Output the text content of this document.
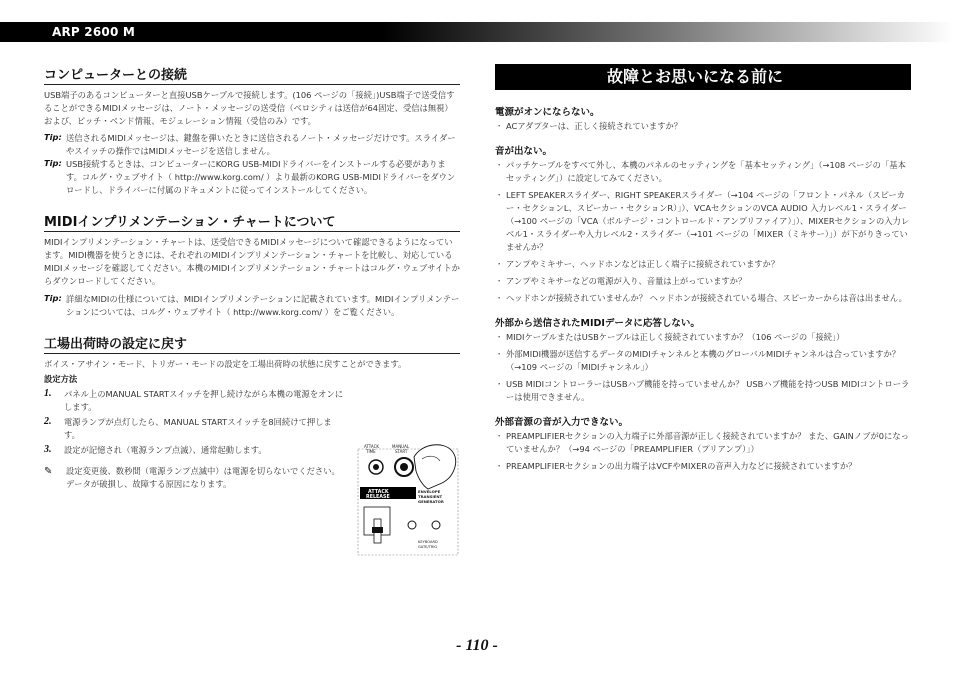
ARP 2600 M
コンピューターとの接続

USB端子のあるコンピューターと直接USBケーブルで接続します。(106 ページの「接続」)USB端子で送受信することができるMIDIメッセージは、ノート・メッセージの送受信（ベロシティは送信が64固定、受信は無視）および、ピッチ・ベンド情報、モジュレーション情報（受信のみ）です。

Tip: 送信されるMIDIメッセージは、鍵盤を弾いたときに送信されるノート・メッセージだけです。スライダーやスイッチの操作ではMIDIメッセージを送信しません。
Tip: USB接続するときは、コンピューターにKORG USB-MIDIドライバーをインストールする必要があります。コルグ・ウェブサイト（ http://www.korg.com/ ）より最新のKORG USB-MIDIドライバーをダウンロードし、ドライバーに付属のドキュメントに従ってインストールしてください。
MIDIインプリメンテーション・チャートについて

MIDIインプリメンテーション・チャートは、送受信できるMIDIメッセージについて確認できるようになっています。MIDI機器を使うときには、それぞれのMIDIインプリメンテーション・チャートを比較し、対応しているMIDIメッセージを確認してください。本機のMIDIインプリメンテーション・チャートはコルグ・ウェブサイトからダウンロードしてください。

Tip: 詳細なMIDIの仕様については、MIDIインプリメンテーションに記載されています。MIDIインプリメンテーションについては、コルグ・ウェブサイト（ http://www.korg.com/ ）をご覧ください。
工場出荷時の設定に戻す

ボイス・アサイン・モード、トリガー・モードの設定を工場出荷時の状態に戻すことができます。

設定方法
1.	パネル上のMANUAL STARTスイッチを押し続けながら本機の電源をオンにします。
2.	電源ランプが点灯したら、MANUAL STARTスイッチを8回続けて押します。
3.	設定が記憶され（電源ランプ点滅）、通常起動します。
✎	設定変更後、数秒間（電源ランプ点滅中）は電源を切らないでください。データが破損し、故障する原因になります。
ATTACK
TIME
MANUAL
START
ATTACK
RELEASE
ENVELOPE
TRANSIENT
GENERATOR
KEYBOARD
GATE/TRIG
故障とお思いになる前に
電源がオンにならない。
・ ACアダプターは、正しく接続されていますか？
音が出ない。
・ パッチケーブルをすべて外し、本機のパネルのセッティングを「基本セッティング」（→108 ページの「基本セッティング」）に設定してみてください。
・ LEFT SPEAKERスライダー、RIGHT SPEAKERスライダー（→104 ページの「フロント・パネル（スピーカー・セクションL、スピーカー・セクションR）」）、VCAセクションのVCA AUDIO 入力レベル1・スライダー（→100 ページの「VCA（ボルテージ・コントロールド・アンプリファイア）」）、MIXERセクションの入力レベル1・スライダーや入力レベル2・スライダー（→101 ページの「MIXER（ミキサー）」）が下がりきっていませんか？
・ アンプやミキサー、ヘッドホンなどは正しく端子に接続されていますか？
・ アンプやミキサーなどの電源が入り、音量は上がっていますか？
・ ヘッドホンが接続されていませんか？ ヘッドホンが接続されている場合、スピーカーからは音は出ません。
外部から送信されたMIDIデータに応答しない。
・ MIDIケーブルまたはUSBケーブルは正しく接続されていますか？（106 ページの「接続」）
・ 外部MIDI機器が送信するデータのMIDIチャンネルと本機のグローバルMIDIチャンネルは合っていますか？（→109 ページの「MIDIチャンネル」）
・ USB MIDIコントローラーはUSBハブ機能を持っていませんか？ USBハブ機能を持つUSB MIDIコントローラーは使用できません。
外部音源の音が入力できない。
・ PREAMPLIFIERセクションの入力端子に外部音源が正しく接続されていますか？ また、GAINノブが0になっていませんか？（→94 ページの「PREAMPLIFIER（プリアンプ）」）
・ PREAMPLIFIERセクションの出力端子はVCFやMIXERの音声入力などに接続されていますか？
- 110 -
